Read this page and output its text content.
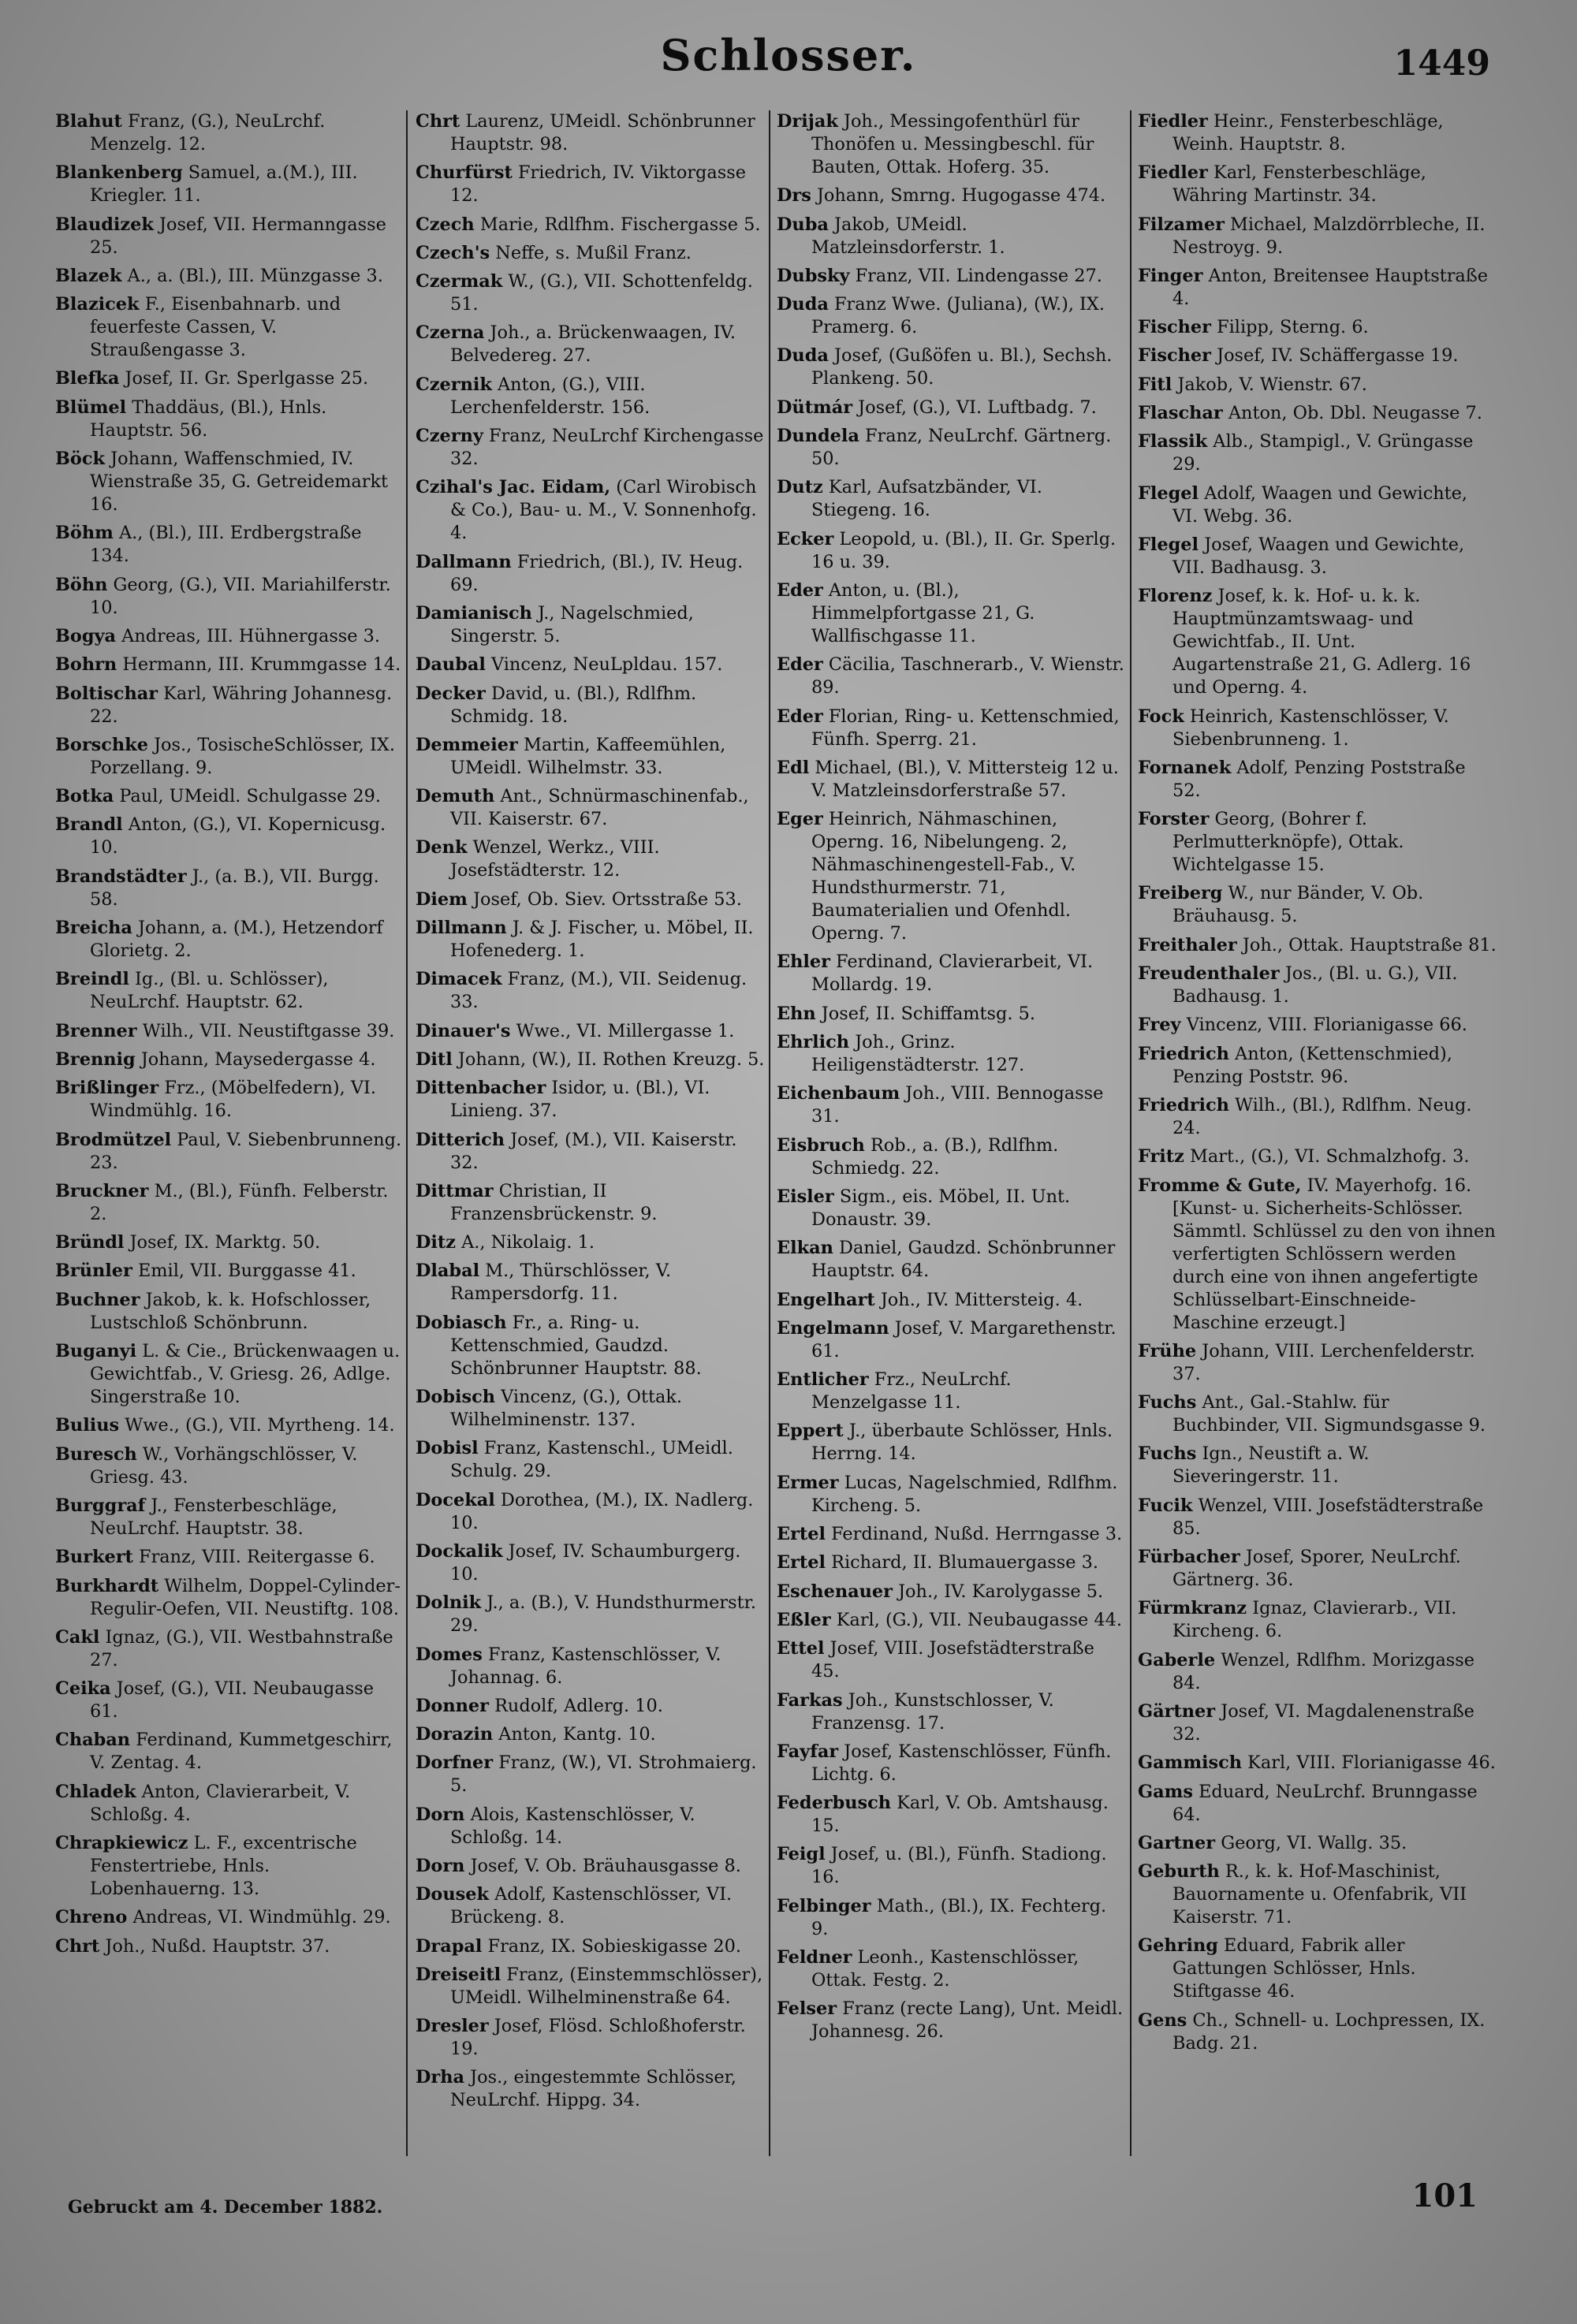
Schlosser.	1449
Blahut Franz, (G.), NeuLrchf. Menzelg. 12.
Blankenberg Samuel, a.(M.), III. Kriegler. 11.
Blaudizek Josef, VII. Hermanngasse 25.
Blazek A., a. (Bl.), III. Münzgasse 3.
Blazicek F., Eisenbahnarb. und feuerfeste Cassen, V. Straußengasse 3.
Blefka Josef, II. Gr. Sperlgasse 25.
Blümel Thaddäus, (Bl.), Hnls. Hauptstr. 56.
Böck Johann, Waffenschmied, IV. Wienstraße 35, G. Getreidemarkt 16.
Böhm A., (Bl.), III. Erdbergstraße 134.
Böhn Georg, (G.), VII. Mariahilferstr. 10.
Bogya Andreas, III. Hühnergasse 3.
Bohrn Hermann, III. Krummgasse 14.
Boltischar Karl, Währing Johannesg. 22.
Borschke Jos., TosischeSchlösser, IX. Porzellang. 9.
Botka Paul, UMeidl. Schulgasse 29.
Brandl Anton, (G.), VI. Kopernicusg. 10.
Brandstädter J., (a. B.), VII. Burgg. 58.
Breicha Johann, a. (M.), Hetzendorf Glorietg. 2.
Breindl Ig., (Bl. u. Schlösser), NeuLrchf. Hauptstr. 62.
Brenner Wilh., VII. Neustiftgasse 39.
Brennig Johann, Maysedergasse 4.
Brißlinger Frz., (Möbelfedern), VI. Windmühlg. 16.
Brodmützel Paul, V. Siebenbrunneng. 23.
Bruckner M., (Bl.), Fünfh. Felberstr. 2.
Bründl Josef, IX. Marktg. 50.
Brünler Emil, VII. Burggasse 41.
Buchner Jakob, k. k. Hofschlosser, Lustschloß Schönbrunn.
Buganyi L. & Cie., Brückenwaagen u. Gewichtfab., V. Griesg. 26, Adlge. Singerstraße 10.
Bulius Wwe., (G.), VII. Myrtheng. 14.
Buresch W., Vorhängschlösser, V. Griesg. 43.
Burggraf J., Fensterbeschläge, NeuLrchf. Hauptstr. 38.
Burkert Franz, VIII. Reitergasse 6.
Burkhardt Wilhelm, Doppel-Cylinder-Regulir-Oefen, VII. Neustiftg. 108.
Cakl Ignaz, (G.), VII. Westbahnstraße 27.
Ceika Josef, (G.), VII. Neubaugasse 61.
Chaban Ferdinand, Kummetgeschirr, V. Zentag. 4.
Chladek Anton, Clavierarbeit, V. Schloßg. 4.
Chrapkiewicz L. F., excentrische Fenstertriebe, Hnls. Lobenhauerng. 13.
Chreno Andreas, VI. Windmühlg. 29.
Chrt Joh., Nußd. Hauptstr. 37.
Chrt Laurenz, UMeidl. Schönbrunner Hauptstr. 98.
Churfürst Friedrich, IV. Viktorgasse 12.
Czech Marie, Rdlfhm. Fischergasse 5.
Czech's Neffe, s. Mußil Franz.
Czermak W., (G.), VII. Schottenfeldg. 51.
Czerna Joh., a. Brückenwaagen, IV. Belvedereg. 27.
Czernik Anton, (G.), VIII. Lerchenfelderstr. 156.
Czerny Franz, NeuLrchf Kirchengasse 32.
Czihal's Jac. Eidam, (Carl Wirobisch & Co.), Bau- u. M., V. Sonnenhofg. 4.
Dallmann Friedrich, (Bl.), IV. Heug. 69.
Damianisch J., Nagelschmied, Singerstr. 5.
Daubal Vincenz, NeuLpldau. 157.
Decker David, u. (Bl.), Rdlfhm. Schmidg. 18.
Demmeier Martin, Kaffeemühlen, UMeidl. Wilhelmstr. 33.
Demuth Ant., Schnürmaschinenfab., VII. Kaiserstr. 67.
Denk Wenzel, Werkz., VIII. Josefstädterstr. 12.
Diem Josef, Ob. Siev. Ortsstraße 53.
Dillmann J. & J. Fischer, u. Möbel, II. Hofenederg. 1.
Dimacek Franz, (M.), VII. Seidenug. 33.
Dinauer's Wwe., VI. Millergasse 1.
Ditl Johann, (W.), II. Rothen Kreuzg. 5.
Dittenbacher Isidor, u. (Bl.), VI. Linieng. 37.
Ditterich Josef, (M.), VII. Kaiserstr. 32.
Dittmar Christian, II Franzensbrückenstr. 9.
Ditz A., Nikolaig. 1.
Dlabal M., Thürschlösser, V. Rampersdorfg. 11.
Dobiasch Fr., a. Ring- u. Kettenschmied, Gaudzd. Schönbrunner Hauptstr. 88.
Dobisch Vincenz, (G.), Ottak. Wilhelminenstr. 137.
Dobisl Franz, Kastenschl., UMeidl. Schulg. 29.
Docekal Dorothea, (M.), IX. Nadlerg. 10.
Dockalik Josef, IV. Schaumburgerg. 10.
Dolnik J., a. (B.), V. Hundsthurmerstr. 29.
Domes Franz, Kastenschlösser, V. Johannag. 6.
Donner Rudolf, Adlerg. 10.
Dorazin Anton, Kantg. 10.
Dorfner Franz, (W.), VI. Strohmaierg. 5.
Dorn Alois, Kastenschlösser, V. Schloßg. 14.
Dorn Josef, V. Ob. Bräuhausgasse 8.
Dousek Adolf, Kastenschlösser, VI. Brückeng. 8.
Drapal Franz, IX. Sobieskigasse 20.
Dreiseitl Franz, (Einstemmschlösser), UMeidl. Wilhelminenstraße 64.
Dresler Josef, Flösd. Schloßhoferstr. 19.
Drha Jos., eingestemmte Schlösser, NeuLrchf. Hippg. 34.
Drijak Joh., Messingofenthürl für Thonöfen u. Messingbeschl. für Bauten, Ottak. Hoferg. 35.
Drs Johann, Smrng. Hugogasse 474.
Duba Jakob, UMeidl. Matzleinsdorferstr. 1.
Dubsky Franz, VII. Lindengasse 27.
Duda Franz Wwe. (Juliana), (W.), IX. Pramerg. 6.
Duda Josef, (Gußöfen u. Bl.), Sechsh. Plankeng. 50.
Dütmár Josef, (G.), VI. Luftbadg. 7.
Dundela Franz, NeuLrchf. Gärtnerg. 50.
Dutz Karl, Aufsatzbänder, VI. Stiegeng. 16.
Ecker Leopold, u. (Bl.), II. Gr. Sperlg. 16 u. 39.
Eder Anton, u. (Bl.), Himmelpfortgasse 21, G. Wallfischgasse 11.
Eder Cäcilia, Taschnerarb., V. Wienstr. 89.
Eder Florian, Ring- u. Kettenschmied, Fünfh. Sperrg. 21.
Edl Michael, (Bl.), V. Mittersteig 12 u. V. Matzleinsdorferstraße 57.
Eger Heinrich, Nähmaschinen, Operng. 16, Nibelungeng. 2, Nähmaschinengestell-Fab., V. Hundsthurmerstr. 71, Baumaterialien und Ofenhdl. Operng. 7.
Ehler Ferdinand, Clavierarbeit, VI. Mollardg. 19.
Ehn Josef, II. Schiffamtsg. 5.
Ehrlich Joh., Grinz. Heiligenstädterstr. 127.
Eichenbaum Joh., VIII. Bennogasse 31.
Eisbruch Rob., a. (B.), Rdlfhm. Schmiedg. 22.
Eisler Sigm., eis. Möbel, II. Unt. Donaustr. 39.
Elkan Daniel, Gaudzd. Schönbrunner Hauptstr. 64.
Engelhart Joh., IV. Mittersteig. 4.
Engelmann Josef, V. Margarethenstr. 61.
Entlicher Frz., NeuLrchf. Menzelgasse 11.
Eppert J., überbaute Schlösser, Hnls. Herrng. 14.
Ermer Lucas, Nagelschmied, Rdlfhm. Kircheng. 5.
Ertel Ferdinand, Nußd. Herrngasse 3.
Ertel Richard, II. Blumauergasse 3.
Eschenauer Joh., IV. Karolygasse 5.
Eßler Karl, (G.), VII. Neubaugasse 44.
Ettel Josef, VIII. Josefstädterstraße 45.
Farkas Joh., Kunstschlosser, V. Franzensg. 17.
Fayfar Josef, Kastenschlösser, Fünfh. Lichtg. 6.
Federbusch Karl, V. Ob. Amtshausg. 15.
Feigl Josef, u. (Bl.), Fünfh. Stadiong. 16.
Felbinger Math., (Bl.), IX. Fechterg. 9.
Feldner Leonh., Kastenschlösser, Ottak. Festg. 2.
Felser Franz (recte Lang), Unt. Meidl. Johannesg. 26.
Fiedler Heinr., Fensterbeschläge, Weinh. Hauptstr. 8.
Fiedler Karl, Fensterbeschläge, Währing Martinstr. 34.
Filzamer Michael, Malzdörrbleche, II. Nestroyg. 9.
Finger Anton, Breitensee Hauptstraße 4.
Fischer Filipp, Sterng. 6.
Fischer Josef, IV. Schäffergasse 19.
Fitl Jakob, V. Wienstr. 67.
Flaschar Anton, Ob. Dbl. Neugasse 7.
Flassik Alb., Stampigl., V. Grüngasse 29.
Flegel Adolf, Waagen und Gewichte, VI. Webg. 36.
Flegel Josef, Waagen und Gewichte, VII. Badhausg. 3.
Florenz Josef, k. k. Hof- u. k. k. Hauptmünzamtswaag- und Gewichtfab., II. Unt. Augartenstraße 21, G. Adlerg. 16 und Operng. 4.
Fock Heinrich, Kastenschlösser, V. Siebenbrunneng. 1.
Fornanek Adolf, Penzing Poststraße 52.
Forster Georg, (Bohrer f. Perlmutterknöpfe), Ottak. Wichtelgasse 15.
Freiberg W., nur Bänder, V. Ob. Bräuhausg. 5.
Freithaler Joh., Ottak. Hauptstraße 81.
Freudenthaler Jos., (Bl. u. G.), VII. Badhausg. 1.
Frey Vincenz, VIII. Florianigasse 66.
Friedrich Anton, (Kettenschmied), Penzing Poststr. 96.
Friedrich Wilh., (Bl.), Rdlfhm. Neug. 24.
Fritz Mart., (G.), VI. Schmalzhofg. 3.
Fromme & Gute, IV. Mayerhofg. 16. [Kunst- u. Sicherheits-Schlösser. Sämmtl. Schlüssel zu den von ihnen verfertigten Schlössern werden durch eine von ihnen angefertigte Schlüsselbart-Einschneide-Maschine erzeugt.]
Frühe Johann, VIII. Lerchenfelderstr. 37.
Fuchs Ant., Gal.-Stahlw. für Buchbinder, VII. Sigmundsgasse 9.
Fuchs Ign., Neustift a. W. Sieveringerstr. 11.
Fucik Wenzel, VIII. Josefstädterstraße 85.
Fürbacher Josef, Sporer, NeuLrchf. Gärtnerg. 36.
Fürmkranz Ignaz, Clavierarb., VII. Kircheng. 6.
Gaberle Wenzel, Rdlfhm. Morizgasse 84.
Gärtner Josef, VI. Magdalenenstraße 32.
Gammisch Karl, VIII. Florianigasse 46.
Gams Eduard, NeuLrchf. Brunngasse 64.
Gartner Georg, VI. Wallg. 35.
Geburth R., k. k. Hof-Maschinist, Bauornamente u. Ofenfabrik, VII Kaiserstr. 71.
Gehring Eduard, Fabrik aller Gattungen Schlösser, Hnls. Stiftgasse 46.
Gens Ch., Schnell- u. Lochpressen, IX. Badg. 21.
Gebruckt am 4. December 1882.	101
